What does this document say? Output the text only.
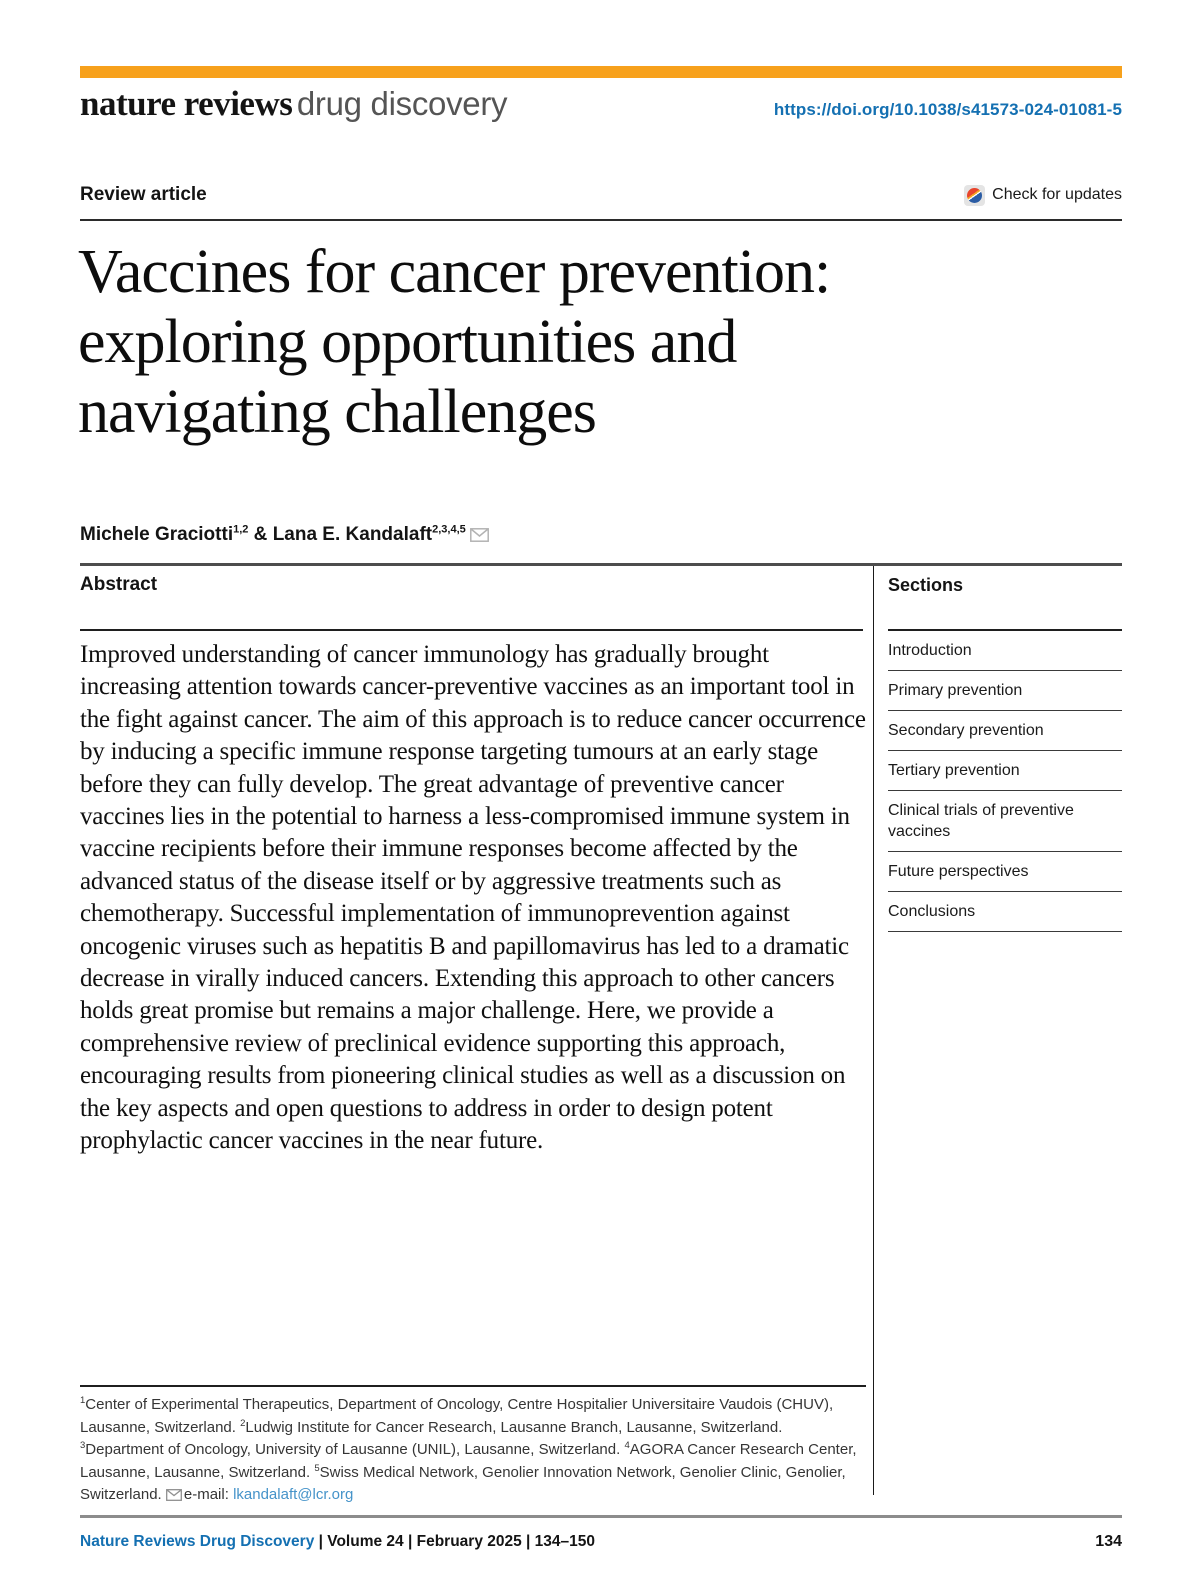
nature reviews drug discovery	https://doi.org/10.1038/s41573-024-01081-5
Review article	Check for updates
Vaccines for cancer prevention:
exploring opportunities and
navigating challenges
Michele Graciotti$^{1,2}$ & Lana E. Kandalaft$^{2,3,4,5}$
Abstract

Improved understanding of cancer immunology has gradually brought increasing attention towards cancer-preventive vaccines as an important tool in the fight against cancer. The aim of this approach is to reduce cancer occurrence by inducing a specific immune response targeting tumours at an early stage before they can fully develop. The great advantage of preventive cancer vaccines lies in the potential to harness a less-compromised immune system in vaccine recipients before their immune responses become affected by the advanced status of the disease itself or by aggressive treatments such as chemotherapy. Successful implementation of immunoprevention against oncogenic viruses such as hepatitis B and papillomavirus has led to a dramatic decrease in virally induced cancers. Extending this approach to other cancers holds great promise but remains a major challenge. Here, we provide a comprehensive review of preclinical evidence supporting this approach, encouraging results from pioneering clinical studies as well as a discussion on the key aspects and open questions to address in order to design potent prophylactic cancer vaccines in the near future.

Sections
Introduction
Primary prevention
Secondary prevention
Tertiary prevention
Clinical trials of preventive vaccines
Future perspectives
Conclusions
$^1$Center of Experimental Therapeutics, Department of Oncology, Centre Hospitalier Universitaire Vaudois (CHUV), Lausanne, Switzerland. $^2$Ludwig Institute for Cancer Research, Lausanne Branch, Lausanne, Switzerland. $^3$Department of Oncology, University of Lausanne (UNIL), Lausanne, Switzerland. $^4$AGORA Cancer Research Center, Lausanne, Lausanne, Switzerland. $^5$Swiss Medical Network, Genolier Innovation Network, Genolier Clinic, Genolier, Switzerland. e-mail: lkandalaft@lcr.org
Nature Reviews Drug Discovery | Volume 24 | February 2025 | 134–150	134
